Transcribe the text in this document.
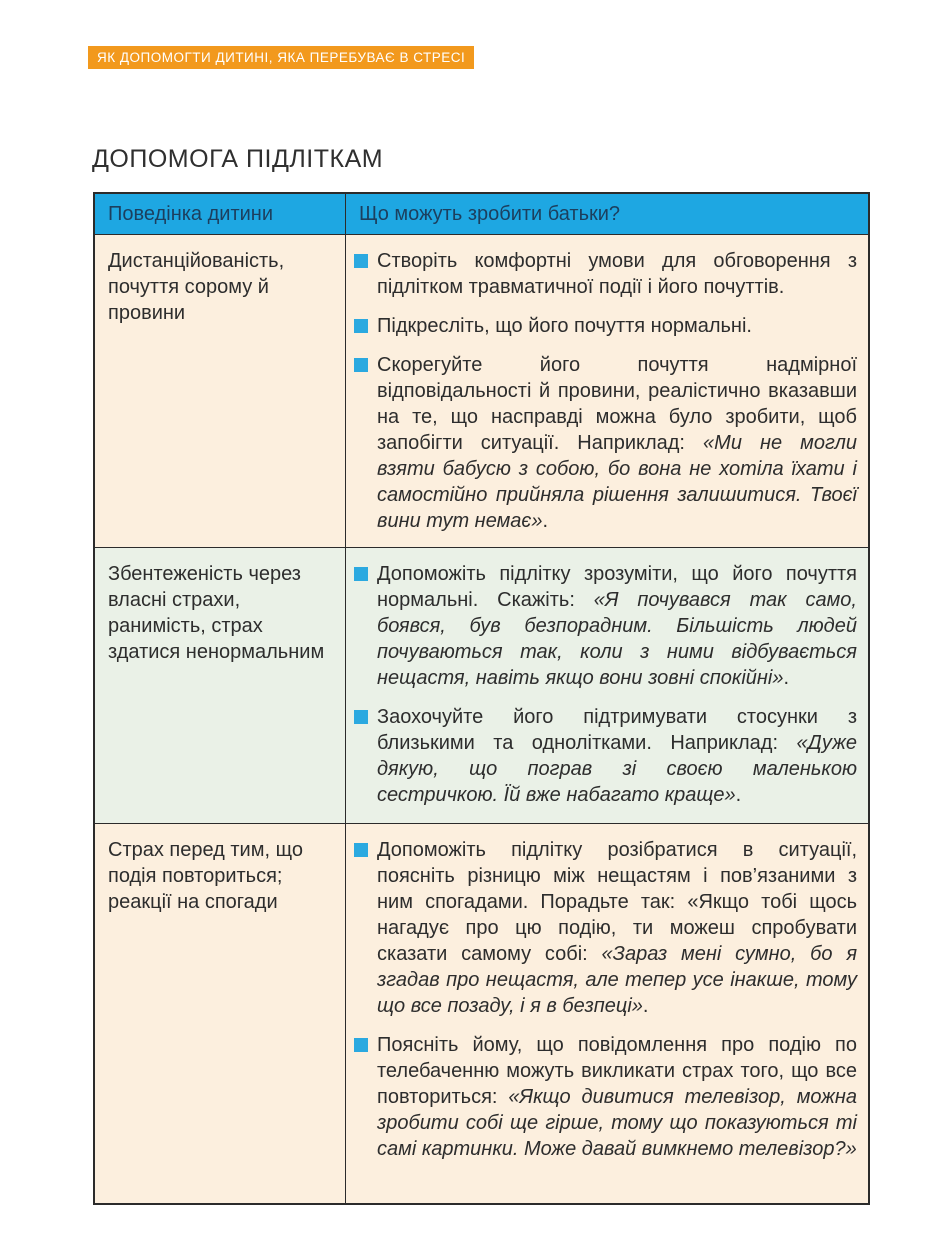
ЯК ДОПОМОГТИ ДИТИНІ, ЯКА ПЕРЕБУВАЄ В СТРЕСІ
ДОПОМОГА ПІДЛІТКАМ
Поведінка дитини	Що можуть зробити батьки?

Дистанційованість, почуття сорому й провини	Створіть комфортні умови для обговорення з підлітком травматичної події і його почуттів.
Підкресліть, що його почуття нормальні.
Скорегуйте його почуття надмірної відповідальності й провини, реалістично вказавши на те, що насправді можна було зробити, щоб запобігти ситуації. Наприклад: «Ми не могли взяти бабусю з собою, бо вона не хотіла їхати і самостійно прийняла рішення залишитися. Твоєї вини тут немає».

Збентеженість через власні страхи, ранимість, страх здатися ненормальним	Допоможіть підлітку зрозуміти, що його почуття нормальні. Скажіть: «Я почувався так само, боявся, був безпорадним. Більшість людей почуваються так, коли з ними відбувається нещастя, навіть якщо вони зовні спокійні».
Заохочуйте його підтримувати стосунки з близькими та однолітками. Наприклад: «Дуже дякую, що пограв зі своєю маленькою сестричкою. Їй вже набагато краще».

Страх перед тим, що подія повториться; реакції на спогади	Допоможіть підлітку розібратися в ситуації, поясніть різницю між нещастям і пов’язаними з ним спогадами. Порадьте так: «Якщо тобі щось нагадує про цю подію, ти можеш спробувати сказати самому собі: «Зараз мені сумно, бо я згадав про нещастя, але тепер усе інакше, тому що все позаду, і я в безпеці».
Поясніть йому, що повідомлення про подію по телебаченню можуть викликати страх того, що все повториться: «Якщо дивитися телевізор, можна зробити собі ще гірше, тому що показуються ті самі картинки. Може давай вимкнемо телевізор?»
